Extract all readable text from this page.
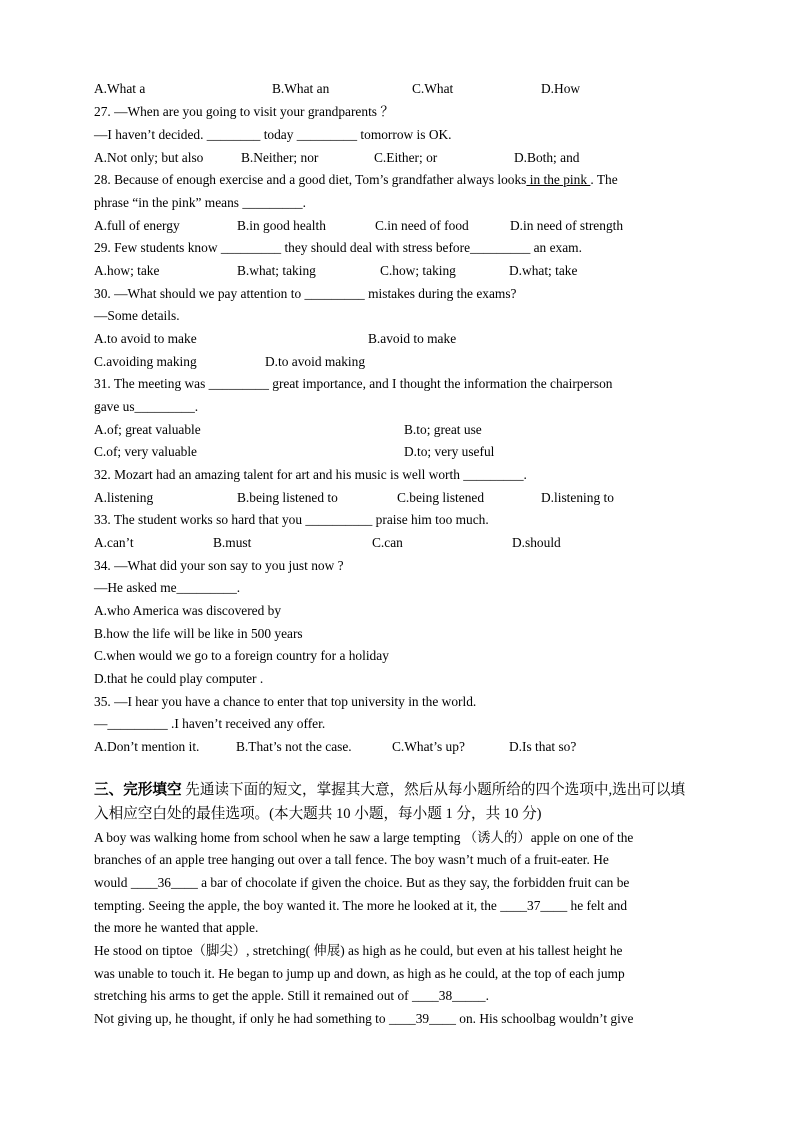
A.What a	B.What an	C.What	D.How
27. —When are you going to visit your grandparents ？
—I haven’t decided. ________ today _________ tomorrow is OK.
A.Not only; but also	B.Neither; nor	C.Either; or	D.Both; and
28. Because of enough exercise and a good diet, Tom’s grandfather always looks in the pink . The
phrase “in the pink” means _________.
A.full of energy	B.in good health	C.in need of food	D.in need of strength
29. Few students know _________ they should deal with stress before_________ an exam.
A.how; take	B.what; taking	C.how; taking	D.what; take
30. —What should we pay attention to _________ mistakes during the exams?
—Some details.
A.to avoid to make	B.avoid to make
C.avoiding making	D.to avoid making
31. The meeting was _________ great importance, and I thought the information the chairperson
gave us_________.
A.of; great valuable	B.to; great use
C.of; very valuable	D.to; very useful
32. Mozart had an amazing talent for art and his music is well worth _________.
A.listening	B.being listened to	C.being listened	D.listening to
33. The student works so hard that you __________ praise him too much.
A.can’t	B.must	C.can	D.should
34. —What did your son say to you just now ?
—He asked me_________.
A.who America was discovered by
B.how the life will be like in 500 years
C.when would we go to a foreign country for a holiday
D.that he could play computer .
35. —I hear you have a chance to enter that top university in the world.
—_________ .I haven’t received any offer.
A.Don’t mention it.	B.That’s not the case.	C.What’s up?	D.Is that so?
三、完形填空 先通读下面的短文，掌握其大意，然后从每小题所给的四个选项中,选出可以填
入相应空白处的最佳选项。(本大题共 10 小题，每小题 1 分，共 10 分)
A boy was walking home from school when he saw a large tempting （诱人的）apple on one of the
branches of an apple tree hanging out over a tall fence. The boy wasn’t much of a fruit-eater. He
would ____36____ a bar of chocolate if given the choice. But as they say, the forbidden fruit can be
tempting. Seeing the apple, the boy wanted it. The more he looked at it, the ____37____ he felt and
the more he wanted that apple.
He stood on tiptoe（脚尖）, stretching( 伸展) as high as he could, but even at his tallest height he
was unable to touch it. He began to jump up and down, as high as he could, at the top of each jump
stretching his arms to get the apple. Still it remained out of ____38_____.
Not giving up, he thought, if only he had something to ____39____ on. His schoolbag wouldn’t give
